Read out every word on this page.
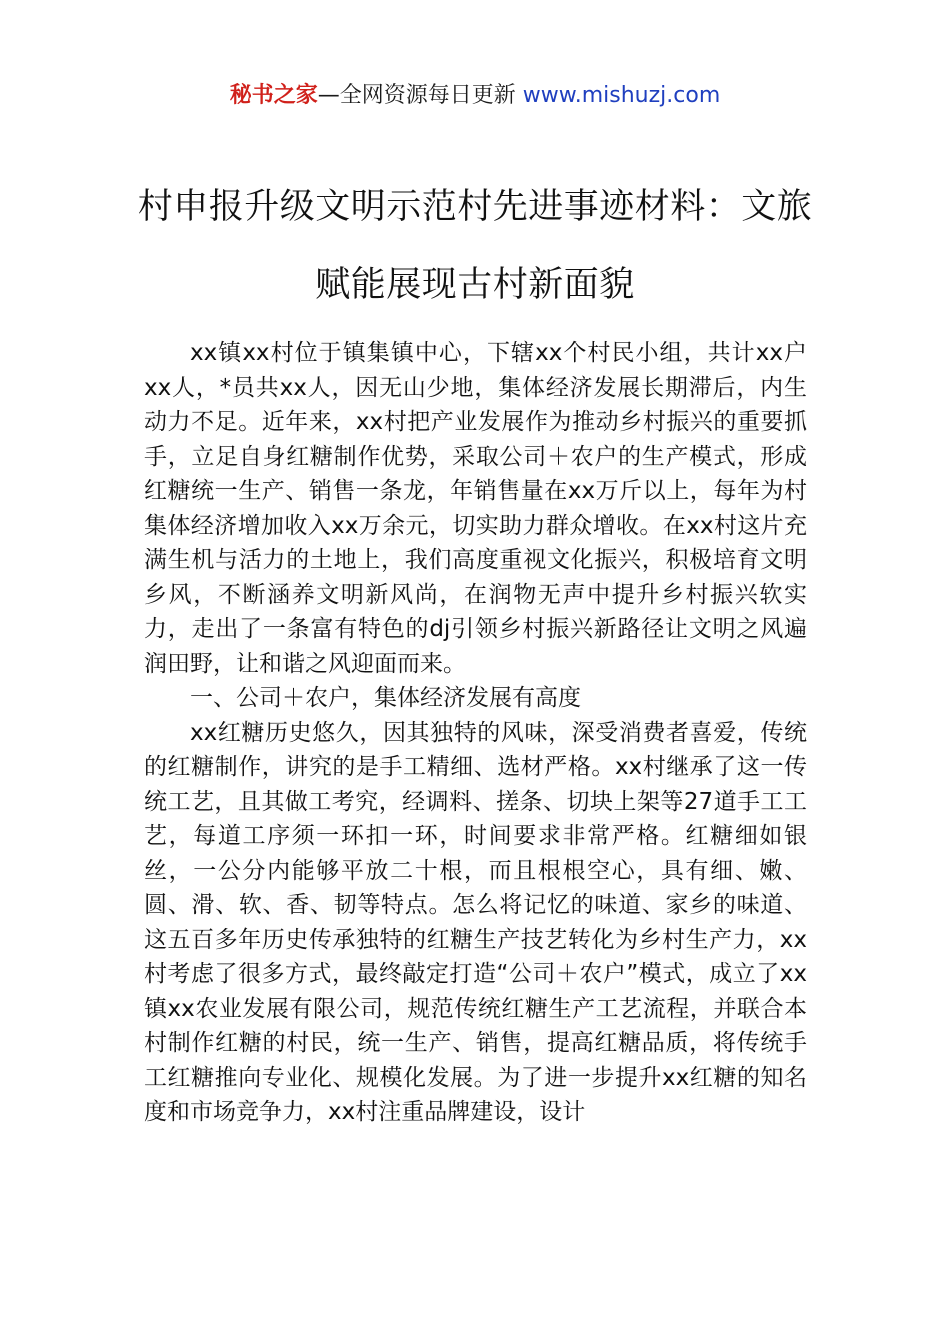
秘书之家—全网资源每日更新 www.mishuzj.com
村申报升级文明示范村先进事迹材料：文旅赋能展现古村新面貌

xx镇xx村位于镇集镇中心，下辖xx个村民小组，共计xx户xx人，*员共xx人，因无山少地，集体经济发展长期滞后，内生动力不足。近年来，xx村把产业发展作为推动乡村振兴的重要抓手，立足自身红糖制作优势，采取公司＋农户的生产模式，形成红糖统一生产、销售一条龙，年销售量在xx万斤以上，每年为村集体经济增加收入xx万余元，切实助力群众增收。在xx村这片充满生机与活力的土地上，我们高度重视文化振兴，积极培育文明乡风，不断涵养文明新风尚，在润物无声中提升乡村振兴软实力，走出了一条富有特色的dj引领乡村振兴新路径让文明之风遍润田野，让和谐之风迎面而来。

一、公司＋农户，集体经济发展有高度

xx红糖历史悠久，因其独特的风味，深受消费者喜爱，传统的红糖制作，讲究的是手工精细、选材严格。xx村继承了这一传统工艺，且其做工考究，经调料、搓条、切块上架等27道手工工艺，每道工序须一环扣一环，时间要求非常严格。红糖细如银丝，一公分内能够平放二十根，而且根根空心，具有细、嫩、圆、滑、软、香、韧等特点。怎么将记忆的味道、家乡的味道、这五百多年历史传承独特的红糖生产技艺转化为乡村生产力，xx村考虑了很多方式，最终敲定打造“公司＋农户”模式，成立了xx镇xx农业发展有限公司，规范传统红糖生产工艺流程，并联合本村制作红糖的村民，统一生产、销售，提高红糖品质，将传统手工红糖推向专业化、规模化发展。为了进一步提升xx红糖的知名度和市场竞争力，xx村注重品牌建设，设计
